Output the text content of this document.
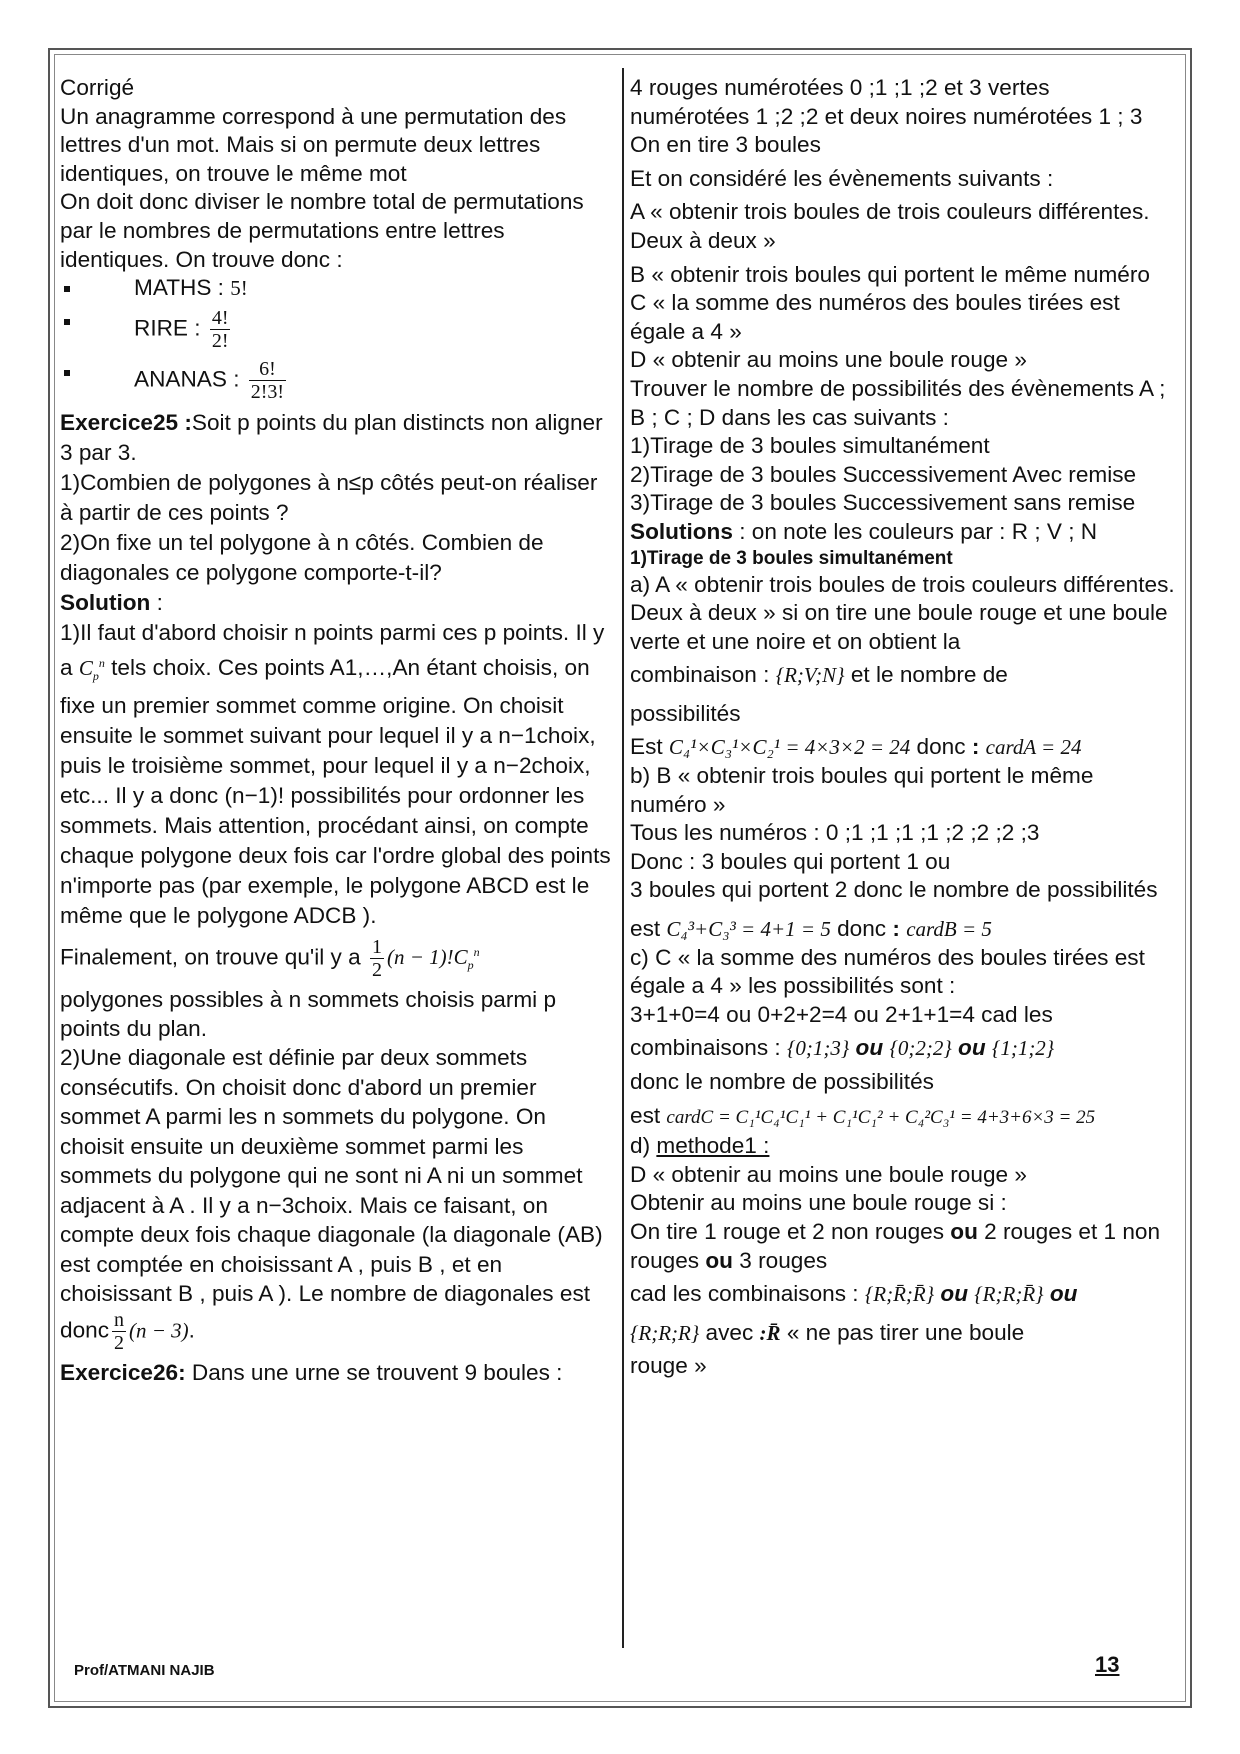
Corrigé

Un anagramme correspond à une permutation des lettres d'un mot. Mais si on permute deux lettres identiques, on trouve le même mot

On doit donc diviser le nombre total de permutations par le nombres de permutations entre lettres identiques. On trouve donc :

MATHS : 5!
RIRE : $\frac{4!}{2!}$
ANANAS : $\frac{6!}{2!3!}$

Exercice25 :Soit p points du plan distincts non aligner 3 par 3.

1)Combien de polygones à n≤p côtés peut-on réaliser à partir de ces points ?

2)On fixe un tel polygone à n côtés. Combien de diagonales ce polygone comporte-t-il?

Solution :

1)Il faut d'abord choisir n points parmi ces p points. Il y a $C_p^n$ tels choix. Ces points A1,…,An étant choisis, on fixe un premier sommet comme origine. On choisit ensuite le sommet suivant pour lequel il y a n−1choix, puis le troisième sommet, pour lequel il y a n−2choix, etc... Il y a donc (n−1)! possibilités pour ordonner les sommets. Mais attention, procédant ainsi, on compte chaque polygone deux fois car l'ordre global des points n'importe pas (par exemple, le polygone ABCD est le même que le polygone ADCB ).

Finalement, on trouve qu'il y a $\frac{1}{2} (n - 1)!C_p^n$

polygones possibles à n sommets choisis parmi p points du plan.

2)Une diagonale est définie par deux sommets consécutifs. On choisit donc d'abord un premier sommet A parmi les n sommets du polygone. On choisit ensuite un deuxième sommet parmi les sommets du polygone qui ne sont ni A ni un sommet adjacent à A . Il y a n−3choix. Mais ce faisant, on compte deux fois chaque diagonale (la diagonale (AB) est comptée en choisissant A , puis B , et en choisissant B , puis A ). Le nombre de diagonales est donc $\frac{n}{2} (n - 3)$.

Exercice26: Dans une urne se trouvent 9 boules :

4 rouges numérotées 0 ;1 ;1 ;2 et 3 vertes numérotées 1 ;2 ;2 et deux noires numérotées 1 ; 3

On en tire 3 boules

Et on considéré les évènements suivants :

A « obtenir trois boules de trois couleurs différentes.

Deux à deux »

B « obtenir trois boules qui portent le même numéro

C « la somme des numéros des boules tirées est égale a 4 »

D « obtenir au moins une boule rouge »

Trouver le nombre de possibilités des évènements A ; B ; C ; D dans les cas suivants :

1)Tirage de 3 boules simultanément

2)Tirage de 3 boules Successivement Avec remise

3)Tirage de 3 boules Successivement sans remise

Solutions : on note les couleurs par : R ; V ; N

1)Tirage de 3 boules simultanément

a) A « obtenir trois boules de trois couleurs différentes.

Deux à deux » si on tire une boule rouge et une boule verte et une noire et on obtient la

combinaison : {R;V;N} et le nombre de

possibilités

Est C₄¹×C₃¹×C₂¹ = 4×3×2 = 24 donc : cardA = 24

b) B « obtenir trois boules qui portent le même numéro »

Tous les numéros : 0 ;1 ;1 ;1 ;1 ;2 ;2 ;2 ;3

Donc : 3 boules qui portent 1 ou

3 boules qui portent 2 donc le nombre de possibilités

est C₄³+C₃³ = 4+1 = 5 donc : cardB = 5

c) C « la somme des numéros des boules tirées est égale a 4 » les possibilités sont :

3+1+0=4 ou 0+2+2=4 ou 2+1+1=4 cad les

combinaisons : {0;1;3} ou {0;2;2} ou {1;1;2}

donc le nombre de possibilités

est cardC = C₁¹C₄¹C₁¹ + C₁¹C₁² + C₄²C₃¹ = 4+3+6×3 = 25

d) methode1 :

D « obtenir au moins une boule rouge »

Obtenir au moins une boule rouge si :

On tire 1 rouge et 2 non rouges ou 2 rouges et 1 non rouges ou 3 rouges

cad les combinaisons : {R;R̄;R̄} ou {R;R;R̄} ou

{R;R;R} avec :R̄ « ne pas tirer une boule

rouge »

Prof/ATMANI NAJIB	13
